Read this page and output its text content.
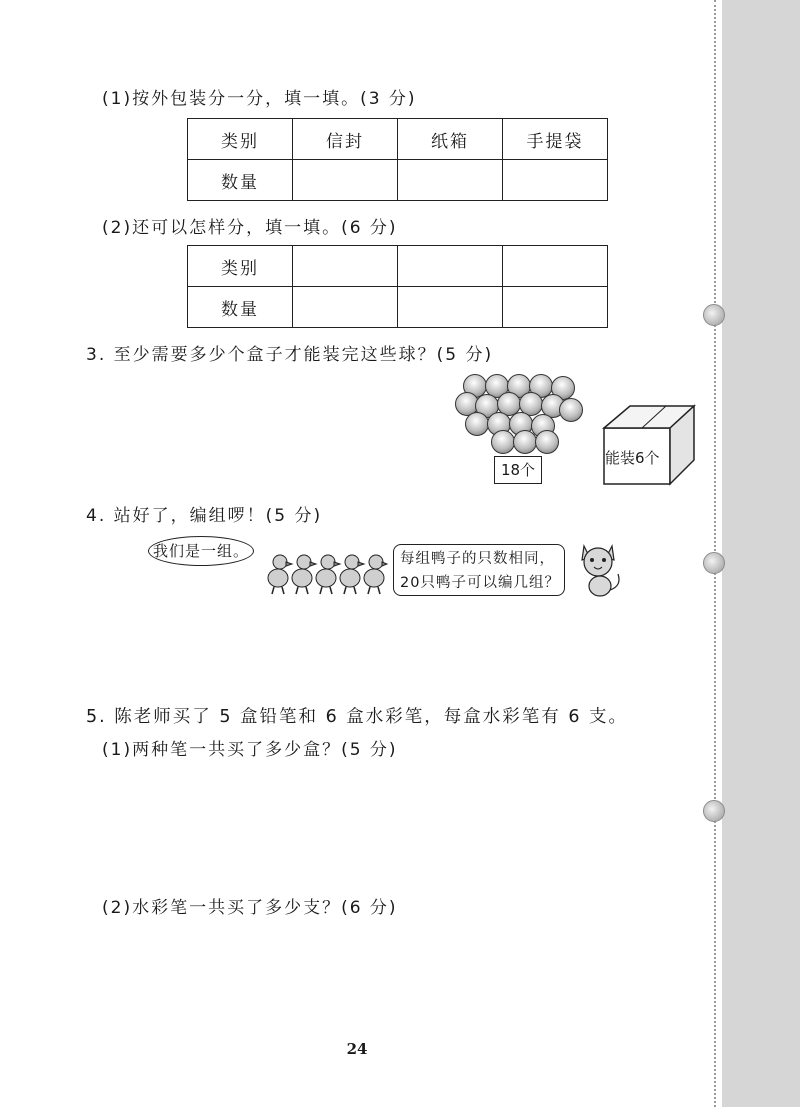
(1)按外包装分一分，填一填。(3 分)
类别	信封	纸箱	手提袋
数量			
(2)还可以怎样分，填一填。(6 分)
类别			
数量			
3. 至少需要多少个盒子才能装完这些球？(5 分)
18个
能装6个
4. 站好了，编组啰！(5 分)
我们是一组。	每组鸭子的只数相同，
20只鸭子可以编几组？
5. 陈老师买了 5 盒铅笔和 6 盒水彩笔，每盒水彩笔有 6 支。
(1)两种笔一共买了多少盒？(5 分)
(2)水彩笔一共买了多少支？(6 分)
24
